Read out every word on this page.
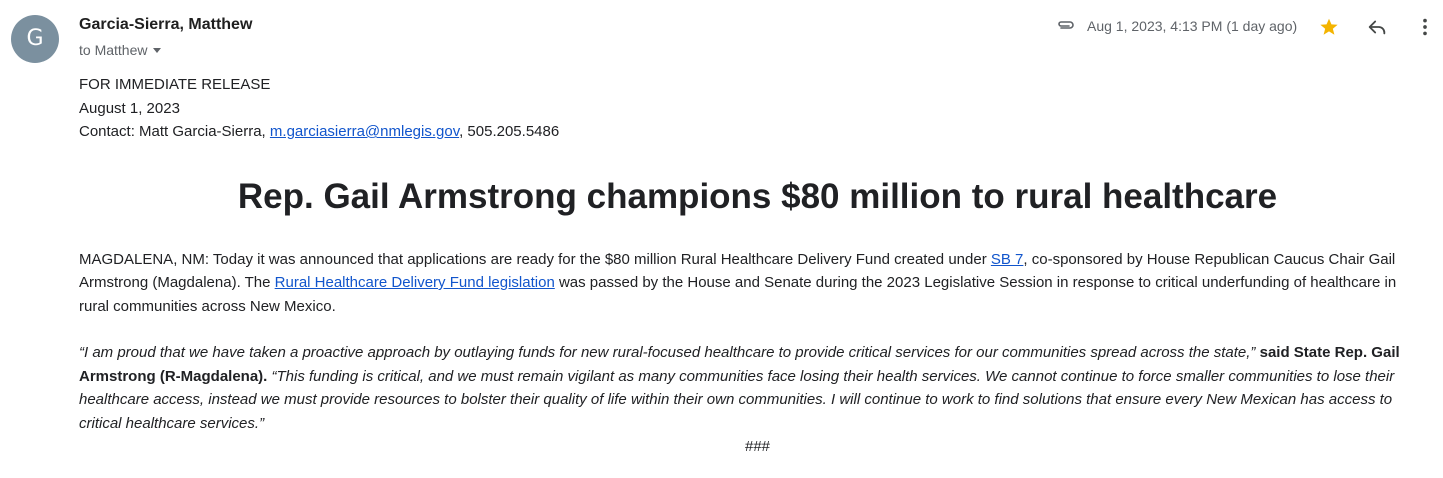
G
Garcia-Sierra, Matthew
to Matthew
Aug 1, 2023, 4:13 PM (1 day ago)
FOR IMMEDIATE RELEASE
August 1, 2023
Contact: Matt Garcia-Sierra, m.garciasierra@nmlegis.gov, 505.205.5486
Rep. Gail Armstrong champions $80 million to rural healthcare
MAGDALENA, NM: Today it was announced that applications are ready for the $80 million Rural Healthcare Delivery Fund created under SB 7, co-sponsored by House Republican Caucus Chair Gail Armstrong (Magdalena). The Rural Healthcare Delivery Fund legislation was passed by the House and Senate during the 2023 Legislative Session in response to critical underfunding of healthcare in rural communities across New Mexico.
“I am proud that we have taken a proactive approach by outlaying funds for new rural-focused healthcare to provide critical services for our communities spread across the state,” said State Rep. Gail Armstrong (R-Magdalena). “This funding is critical, and we must remain vigilant as many communities face losing their health services. We cannot continue to force smaller communities to lose their healthcare access, instead we must provide resources to bolster their quality of life within their own communities. I will continue to work to find solutions that ensure every New Mexican has access to critical healthcare services.”
###
